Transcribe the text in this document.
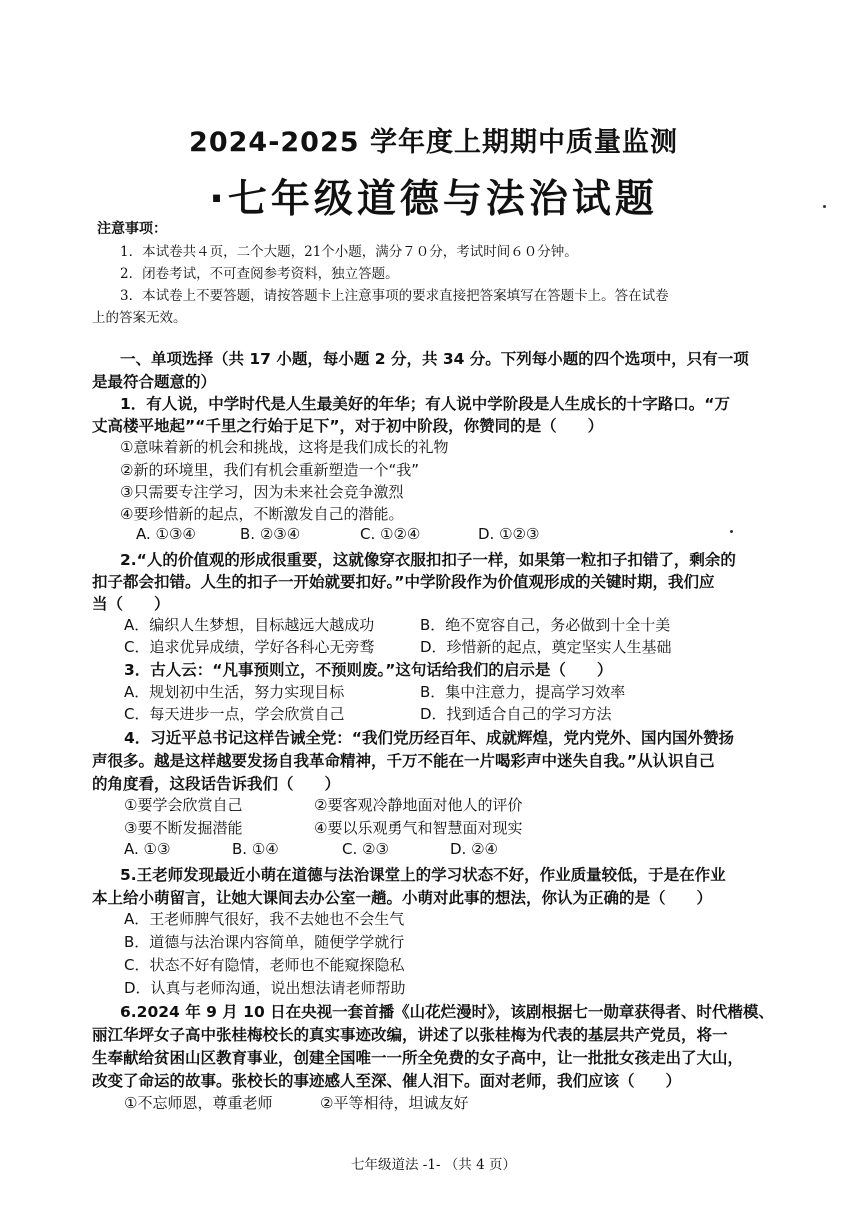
2024-2025 学年度上期期中质量监测
·七年级道德与法治试题
注意事项：
1．本试卷共４页，二个大题，21个小题，满分７０分，考试时间６０分钟。
2．闭卷考试，不可查阅参考资料，独立答题。
3．本试卷上不要答题，请按答题卡上注意事项的要求直接把答案填写在答题卡上。答在试卷
上的答案无效。
一、单项选择（共 17 小题，每小题 2 分，共 34 分。下列每小题的四个选项中，只有一项
是最符合题意的）
1．有人说，中学时代是人生最美好的年华；有人说中学阶段是人生成长的十字路口。“万
丈高楼平地起”“千里之行始于足下”，对于初中阶段，你赞同的是（　　）
①意味着新的机会和挑战，这将是我们成长的礼物
②新的环境里，我们有机会重新塑造一个“我”
③只需要专注学习，因为未来社会竞争激烈
④要珍惜新的起点，不断激发自己的潜能。
A. ①③④	B. ②③④	C. ①②④	D. ①②③
2.“人的价值观的形成很重要，这就像穿衣服扣扣子一样，如果第一粒扣子扣错了，剩余的
扣子都会扣错。人生的扣子一开始就要扣好。”中学阶段作为价值观形成的关键时期，我们应
当（　　）
A．编织人生梦想，目标越远大越成功	B．绝不宽容自己，务必做到十全十美
C．追求优异成绩，学好各科心无旁骛	D．珍惜新的起点，奠定坚实人生基础
3．古人云：“凡事预则立，不预则废。”这句话给我们的启示是（　　）
A．规划初中生活，努力实现目标	B．集中注意力，提高学习效率
C．每天进步一点，学会欣赏自己	D．找到适合自己的学习方法
4．习近平总书记这样告诫全党：“我们党历经百年、成就辉煌，党内党外、国内国外赞扬
声很多。越是这样越要发扬自我革命精神，千万不能在一片喝彩声中迷失自我。”从认识自己
的角度看，这段话告诉我们（　　）
①要学会欣赏自己	②要客观冷静地面对他人的评价
③要不断发掘潜能	④要以乐观勇气和智慧面对现实
A. ①③	B. ①④	C. ②③	D. ②④
5.王老师发现最近小萌在道德与法治课堂上的学习状态不好，作业质量较低，于是在作业
本上给小萌留言，让她大课间去办公室一趟。小萌对此事的想法，你认为正确的是（　　）
A．王老师脾气很好，我不去她也不会生气
B．道德与法治课内容简单，随便学学就行
C．状态不好有隐情，老师也不能窥探隐私
D．认真与老师沟通，说出想法请老师帮助
6.2024 年 9 月 10 日在央视一套首播《山花烂漫时》，该剧根据七一勋章获得者、时代楷模、
丽江华坪女子高中张桂梅校长的真实事迹改编，讲述了以张桂梅为代表的基层共产党员，将一
生奉献给贫困山区教育事业，创建全国唯一一所全免费的女子高中，让一批批女孩走出了大山，
改变了命运的故事。张校长的事迹感人至深、催人泪下。面对老师，我们应该（　　）
①不忘师恩，尊重老师	②平等相待，坦诚友好
七年级道法 -1- （共 4 页）
